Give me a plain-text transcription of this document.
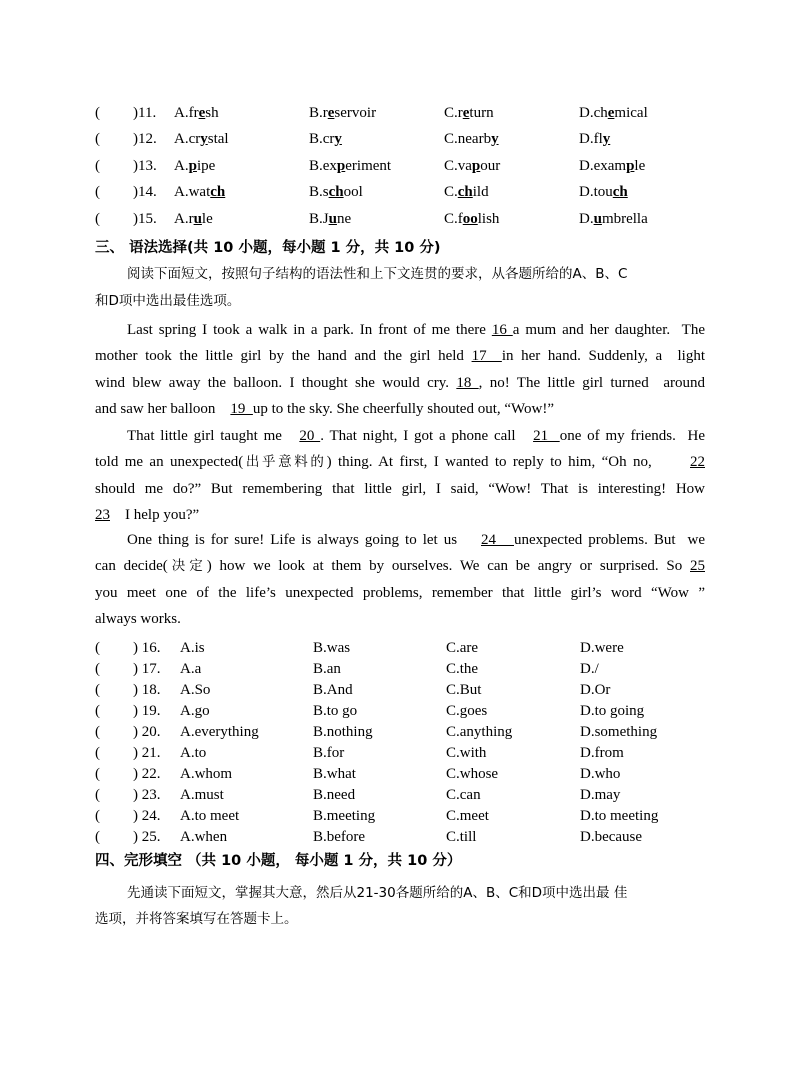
( )11. A.fresh	B.reservoir	C.return	D.chemical
( )12. A.crystal	B.cry	C.nearby	D.fly
( )13. A.pipe	B.experiment	C.vapour	D.example
( )14. A.watch	B.school	C.child	D.touch
( )15. A.rule	B.June	C.foolish	D.umbrella
三、 语法选择(共 10 小题，每小题 1 分，共 10 分)
阅读下面短文，按照句子结构的语法性和上下文连贯的要求，从各题所给的A、B、C
和D项中选出最佳选项。
Last spring I took a walk in a park. In front of me there 16 a mum and her daughter.  The
mother took the little girl by the hand and the girl held 17  in her hand. Suddenly, a  light
wind blew away the balloon. I thought she would cry. 18 , no! The little girl turned  around
and saw her balloon    19  up to the sky. She cheerfully shouted out, “Wow!”
That little girl taught me   20 . That night, I got a phone call   21  one of my friends.  He
told me an unexpected(出乎意料的) thing. At first, I wanted to reply to him, “Oh no,      22
should me do?” But remembering that little girl, I said, “Wow! That is interesting! How
23    I help you?”
One thing is for sure! Life is always going to let us    24   unexpected problems. But  we
can decide(决定) how we look at them by ourselves. We can be angry or surprised. So 25
you meet one of the life’s unexpected problems, remember that little girl’s word “Wow ”
always works.
( ) 16. A.is	B.was	C.are	D.were
( ) 17. A.a	B.an	C.the	D./
( ) 18. A.So	B.And	C.But	D.Or
( ) 19. A.go	B.to go	C.goes	D.to going
( ) 20. A.everything	B.nothing	C.anything	D.something
( ) 21. A.to	B.for	C.with	D.from
( ) 22. A.whom	B.what	C.whose	D.who
( ) 23. A.must	B.need	C.can	D.may
( ) 24. A.to meet	B.meeting	C.meet	D.to meeting
( ) 25. A.when	B.before	C.till	D.because
四、完形填空 （共 10 小题， 每小题 1 分，共 10 分）
先通读下面短文，掌握其大意，然后从21-30各题所给的A、B、C和D项中选出最 佳
选项，并将答案填写在答题卡上。
